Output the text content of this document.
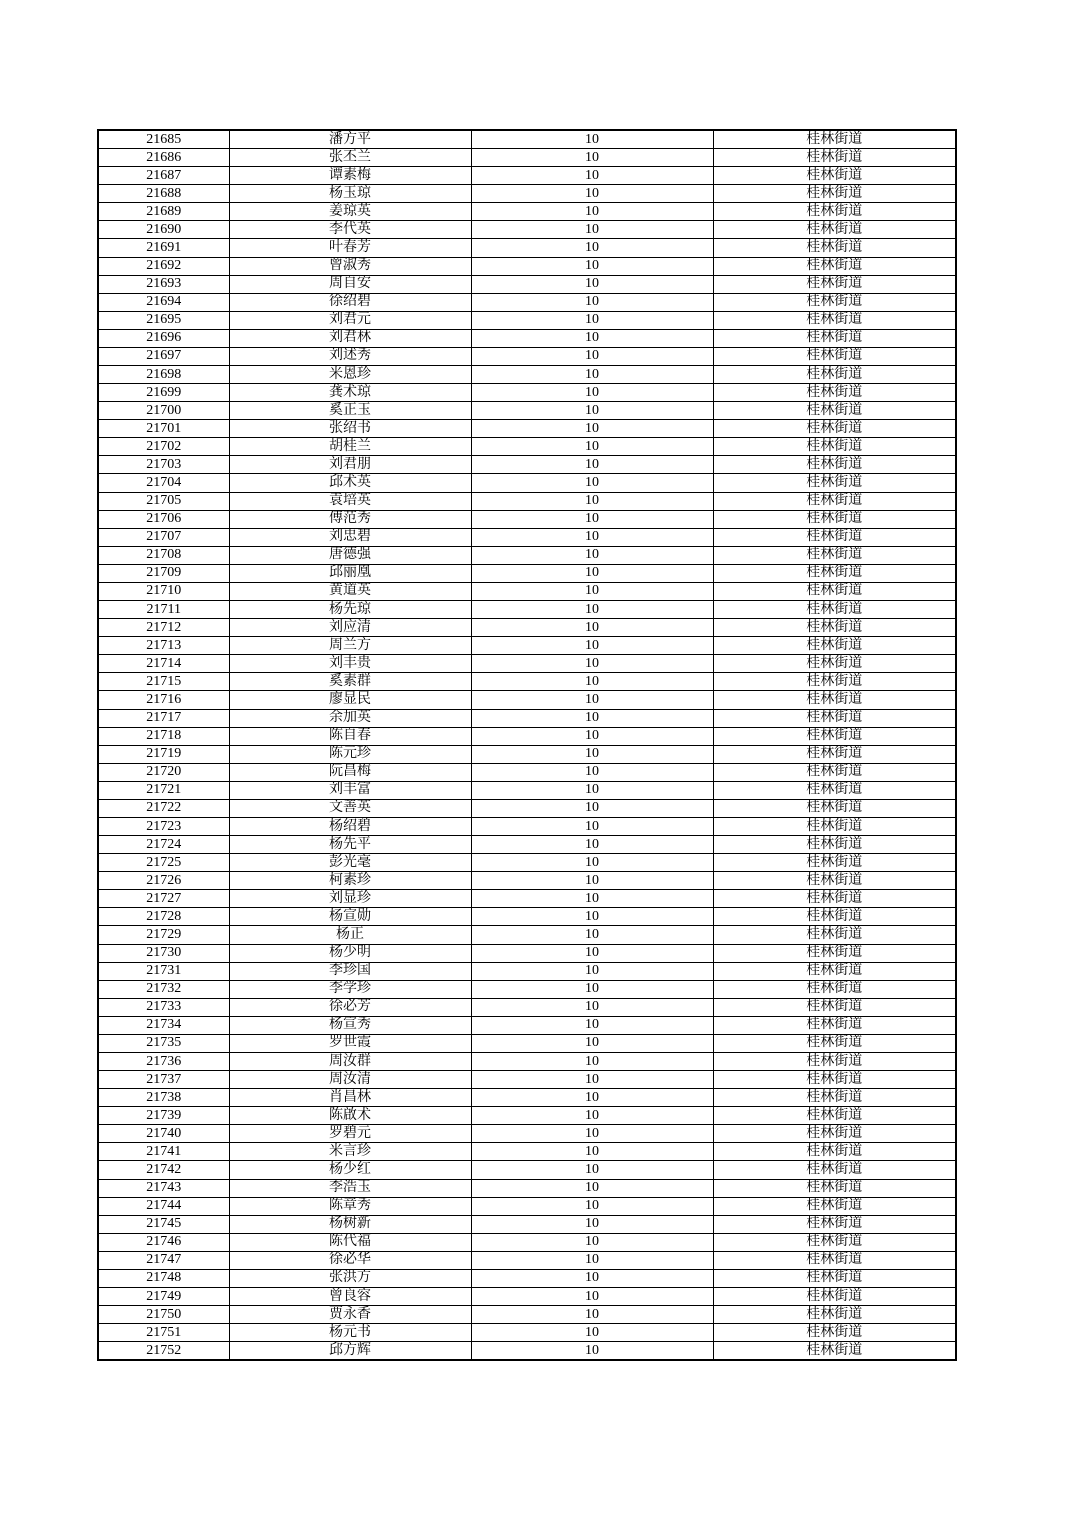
21685	潘方平	10	桂林街道
21686	张丕兰	10	桂林街道
21687	谭素梅	10	桂林街道
21688	杨玉琼	10	桂林街道
21689	姜琼英	10	桂林街道
21690	李代英	10	桂林街道
21691	叶春芳	10	桂林街道
21692	曾淑秀	10	桂林街道
21693	周自安	10	桂林街道
21694	徐绍碧	10	桂林街道
21695	刘君元	10	桂林街道
21696	刘君林	10	桂林街道
21697	刘述秀	10	桂林街道
21698	米恩珍	10	桂林街道
21699	龚术琼	10	桂林街道
21700	奚正玉	10	桂林街道
21701	张绍书	10	桂林街道
21702	胡桂兰	10	桂林街道
21703	刘君朋	10	桂林街道
21704	邱术英	10	桂林街道
21705	袁培英	10	桂林街道
21706	傅范秀	10	桂林街道
21707	刘忠碧	10	桂林街道
21708	唐德强	10	桂林街道
21709	邱丽凰	10	桂林街道
21710	黄道英	10	桂林街道
21711	杨先琼	10	桂林街道
21712	刘应清	10	桂林街道
21713	周兰方	10	桂林街道
21714	刘丰贵	10	桂林街道
21715	奚素群	10	桂林街道
21716	廖显民	10	桂林街道
21717	余加英	10	桂林街道
21718	陈自春	10	桂林街道
21719	陈元珍	10	桂林街道
21720	阮昌梅	10	桂林街道
21721	刘丰富	10	桂林街道
21722	文善英	10	桂林街道
21723	杨绍碧	10	桂林街道
21724	杨先平	10	桂林街道
21725	彭光毫	10	桂林街道
21726	柯素珍	10	桂林街道
21727	刘显珍	10	桂林街道
21728	杨宣勋	10	桂林街道
21729	杨正	10	桂林街道
21730	杨少明	10	桂林街道
21731	李珍国	10	桂林街道
21732	李学珍	10	桂林街道
21733	徐必芳	10	桂林街道
21734	杨宣秀	10	桂林街道
21735	罗世霞	10	桂林街道
21736	周汝群	10	桂林街道
21737	周汝清	10	桂林街道
21738	肖昌林	10	桂林街道
21739	陈啟术	10	桂林街道
21740	罗碧元	10	桂林街道
21741	米言珍	10	桂林街道
21742	杨少红	10	桂林街道
21743	李浩玉	10	桂林街道
21744	陈章秀	10	桂林街道
21745	杨树新	10	桂林街道
21746	陈代福	10	桂林街道
21747	徐必华	10	桂林街道
21748	张洪方	10	桂林街道
21749	曾良容	10	桂林街道
21750	贾永香	10	桂林街道
21751	杨元书	10	桂林街道
21752	邱方辉	10	桂林街道
